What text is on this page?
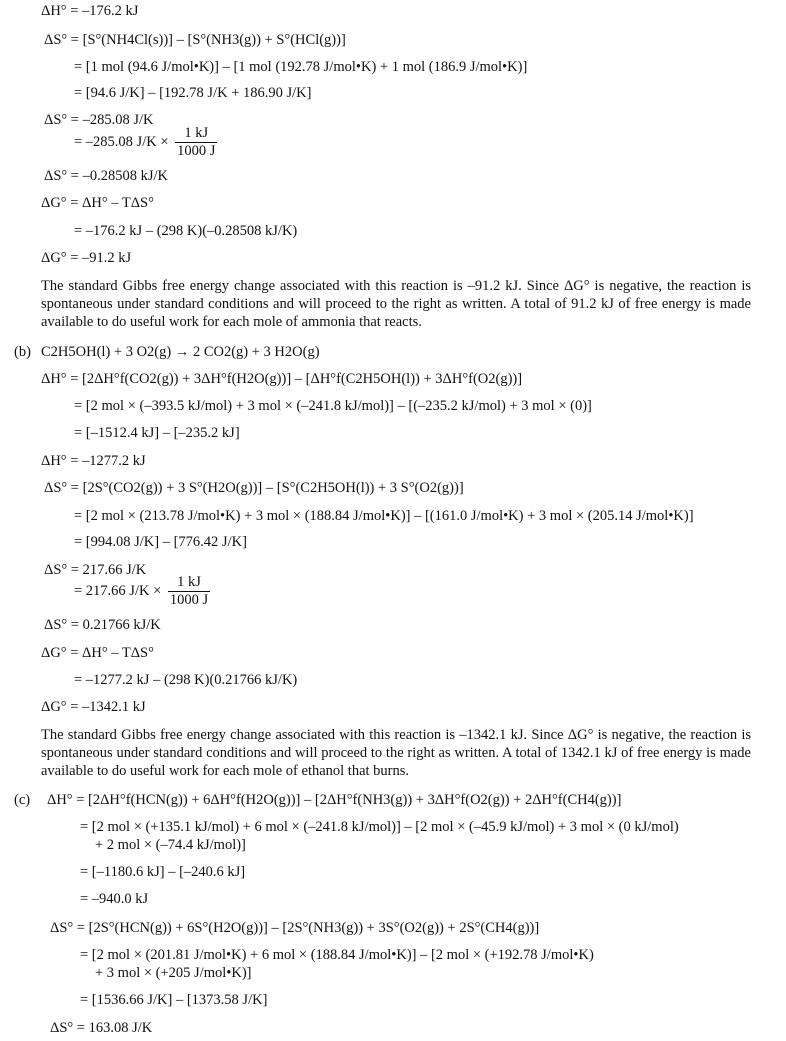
ΔH° = –176.2 kJ
ΔS° = [S°(NH4Cl(s))] – [S°(NH3(g)) + S°(HCl(g))]
= [1 mol (94.6 J/mol•K)] – [1 mol (192.78 J/mol•K) + 1 mol (186.9 J/mol•K)]
= [94.6 J/K] – [192.78 J/K + 186.90 J/K]
ΔS° = –285.08 J/K
= –285.08 $J/K \times \frac{1 kJ}{1000 J}$
ΔS° = –0.28508 kJ/K
ΔG° = ΔH° – TΔS°
= –176.2 kJ – (298 K)(–0.28508 kJ/K)
ΔG° = –91.2 kJ
The standard Gibbs free energy change associated with this reaction is –91.2 kJ. Since ΔG° is negative, the reaction is spontaneous under standard conditions and will proceed to the right as written. A total of 91.2 kJ of free energy is made available to do useful work for each mole of ammonia that reacts.
(b) C2H5OH(l) + 3 O2(g) → 2 CO2(g) + 3 H2O(g)
ΔH° = [2ΔH°f(CO2(g)) + 3ΔH°f(H2O(g))] – [ΔH°f(C2H5OH(l)) + 3ΔH°f(O2(g))]
= [2 mol × (–393.5 kJ/mol) + 3 mol × (–241.8 kJ/mol)] – [(–235.2 kJ/mol) + 3 mol × (0)]
= [–1512.4 kJ] – [–235.2 kJ]
ΔH° = –1277.2 kJ
ΔS° = [2S°(CO2(g)) + 3 S°(H2O(g))] – [S°(C2H5OH(l)) + 3 S°(O2(g))]
= [2 mol × (213.78 J/mol•K) + 3 mol × (188.84 J/mol•K)] – [(161.0 J/mol•K) + 3 mol × (205.14 J/mol•K)]
= [994.08 J/K] – [776.42 J/K]
ΔS° = 217.66 J/K
= 217.66 $J/K \times \frac{1 kJ}{1000 J}$
ΔS° = 0.21766 kJ/K
ΔG° = ΔH° – TΔS°
= –1277.2 kJ – (298 K)(0.21766 kJ/K)
ΔG° = –1342.1 kJ
The standard Gibbs free energy change associated with this reaction is –1342.1 kJ. Since ΔG° is negative, the reaction is spontaneous under standard conditions and will proceed to the right as written. A total of 1342.1 kJ of free energy is made available to do useful work for each mole of ethanol that burns.
(c) ΔH° = [2ΔH°f(HCN(g)) + 6ΔH°f(H2O(g))] – [2ΔH°f(NH3(g)) + 3ΔH°f(O2(g)) + 2ΔH°f(CH4(g))]
= [2 mol × (+135.1 kJ/mol) + 6 mol × (–241.8 kJ/mol)] – [2 mol × (–45.9 kJ/mol) + 3 mol × (0 kJ/mol)
+ 2 mol × (–74.4 kJ/mol)]
= [–1180.6 kJ] – [–240.6 kJ]
= –940.0 kJ
ΔS° = [2S°(HCN(g)) + 6S°(H2O(g))] – [2S°(NH3(g)) + 3S°(O2(g)) + 2S°(CH4(g))]
= [2 mol × (201.81 J/mol•K) + 6 mol × (188.84 J/mol•K)] – [2 mol × (+192.78 J/mol•K)
+ 3 mol × (+205 J/mol•K)]
= [1536.66 J/K] – [1373.58 J/K]
ΔS° = 163.08 J/K
